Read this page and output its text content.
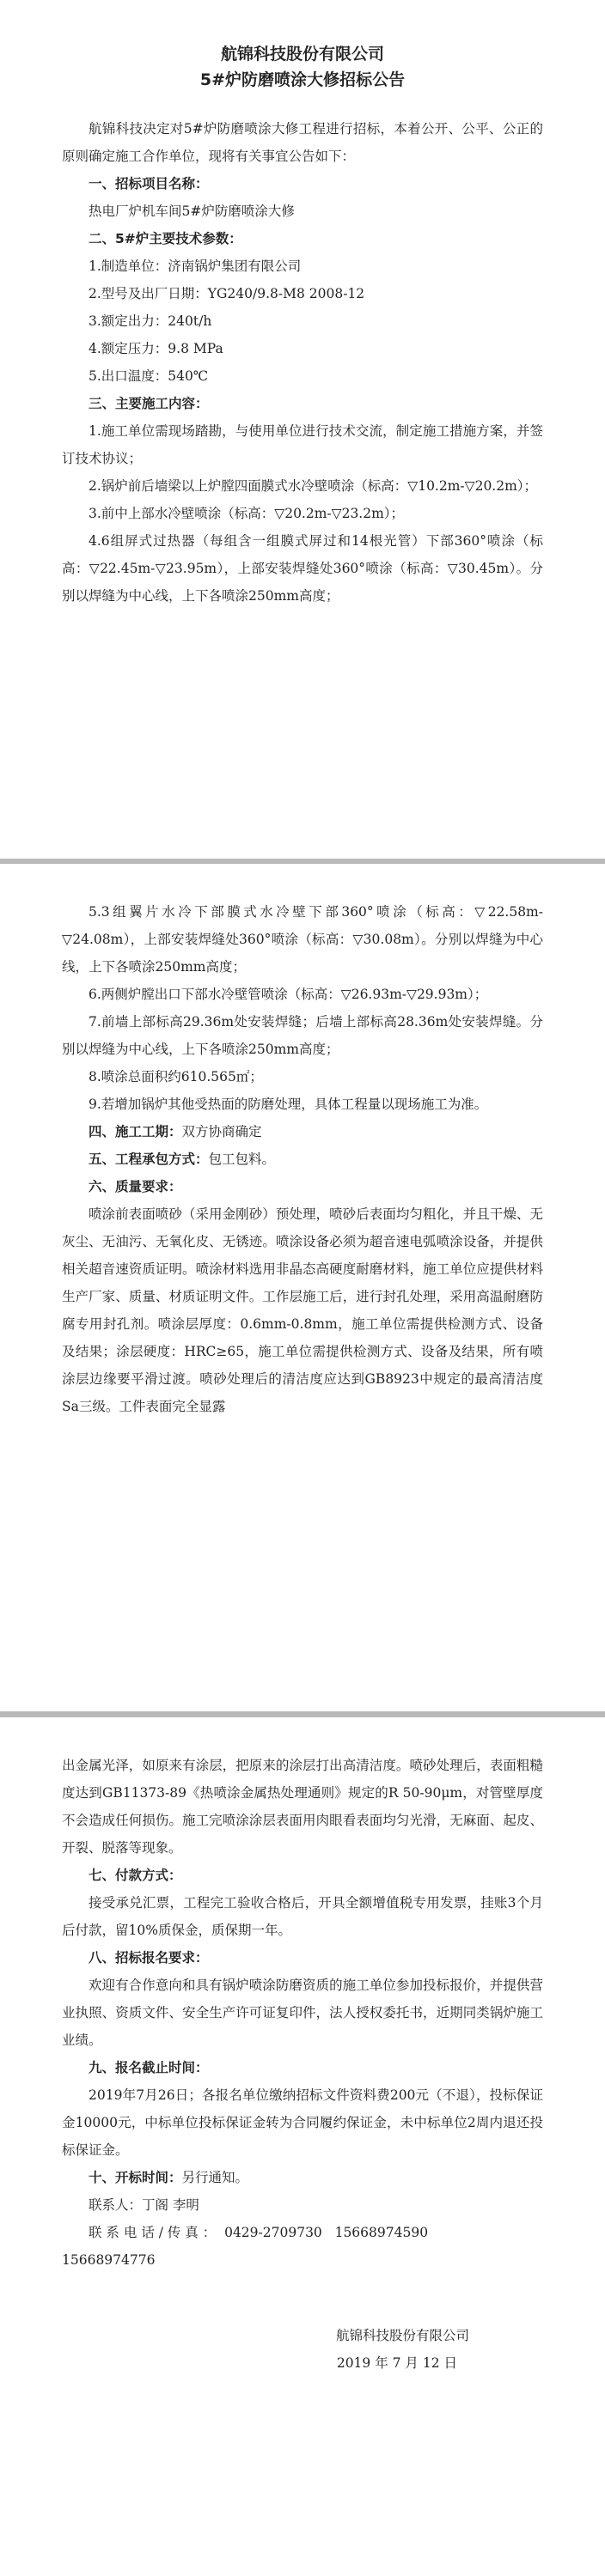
航锦科技股份有限公司

5#炉防磨喷涂大修招标公告

航锦科技决定对5#炉防磨喷涂大修工程进行招标，本着公开、公平、公正的原则确定施工合作单位，现将有关事宜公告如下：

一、招标项目名称：

热电厂炉机车间5#炉防磨喷涂大修

二、5#炉主要技术参数：

1.制造单位：济南锅炉集团有限公司

2.型号及出厂日期：YG240/9.8-M8 2008-12

3.额定出力：240t/h

4.额定压力：9.8 MPa

5.出口温度：540℃

三、主要施工内容：

1.施工单位需现场踏勘，与使用单位进行技术交流，制定施工措施方案，并签订技术协议；

2.锅炉前后墙梁以上炉膛四面膜式水冷壁喷涂（标高：▽10.2m-▽20.2m）；

3.前中上部水冷壁喷涂（标高：▽20.2m-▽23.2m）；

4.6组屏式过热器（每组含一组膜式屏过和14根光管）下部360°喷涂（标高：▽22.45m-▽23.95m），上部安装焊缝处360°喷涂（标高：▽30.45m）。分别以焊缝为中心线，上下各喷涂250mm高度；

5.3组翼片水冷下部膜式水冷壁下部360°喷涂（标高：▽22.58m-▽24.08m），上部安装焊缝处360°喷涂（标高：▽30.08m）。分别以焊缝为中心线，上下各喷涂250mm高度；

6.两侧炉膛出口下部水冷壁管喷涂（标高：▽26.93m-▽29.93m）；

7.前墙上部标高29.36m处安装焊缝；后墙上部标高28.36m处安装焊缝。分别以焊缝为中心线，上下各喷涂250mm高度；

8.喷涂总面积约610.565㎡；

9.若增加锅炉其他受热面的防磨处理，具体工程量以现场施工为准。

四、施工工期：双方协商确定

五、工程承包方式：包工包料。

六、质量要求：

喷涂前表面喷砂（采用金刚砂）预处理，喷砂后表面均匀粗化，并且干燥、无灰尘、无油污、无氧化皮、无锈迹。喷涂设备必须为超音速电弧喷涂设备，并提供相关超音速资质证明。喷涂材料选用非晶态高硬度耐磨材料，施工单位应提供材料生产厂家、质量、材质证明文件。工作层施工后，进行封孔处理，采用高温耐磨防腐专用封孔剂。喷涂层厚度：0.6mm-0.8mm，施工单位需提供检测方式、设备及结果；涂层硬度：HRC≥65，施工单位需提供检测方式、设备及结果，所有喷涂层边缘要平滑过渡。喷砂处理后的清洁度应达到GB8923中规定的最高清洁度Sa三级。工件表面完全显露

出金属光泽，如原来有涂层，把原来的涂层打出高清洁度。喷砂处理后，表面粗糙度达到GB11373-89《热喷涂金属热处理通则》规定的R 50-90μm，对管壁厚度不会造成任何损伤。施工完喷涂涂层表面用肉眼看表面均匀光滑，无麻面、起皮、开裂、脱落等现象。

七、付款方式：

接受承兑汇票，工程完工验收合格后，开具全额增值税专用发票，挂账3个月后付款，留10%质保金，质保期一年。

八、招标报名要求：

欢迎有合作意向和具有锅炉喷涂防磨资质的施工单位参加投标报价，并提供营业执照、资质文件、安全生产许可证复印件，法人授权委托书，近期同类锅炉施工业绩。

九、报名截止时间：

2019年7月26日；各报名单位缴纳招标文件资料费200元（不退），投标保证金10000元，中标单位投标保证金转为合同履约保证金，未中标单位2周内退还投标保证金。

十、开标时间：另行通知。

联系人：丁阁 李明

联 系 电 话 / 传 真 ： 0429-2709730 15668974590

15668974776

航锦科技股份有限公司

2019 年 7 月 12 日
